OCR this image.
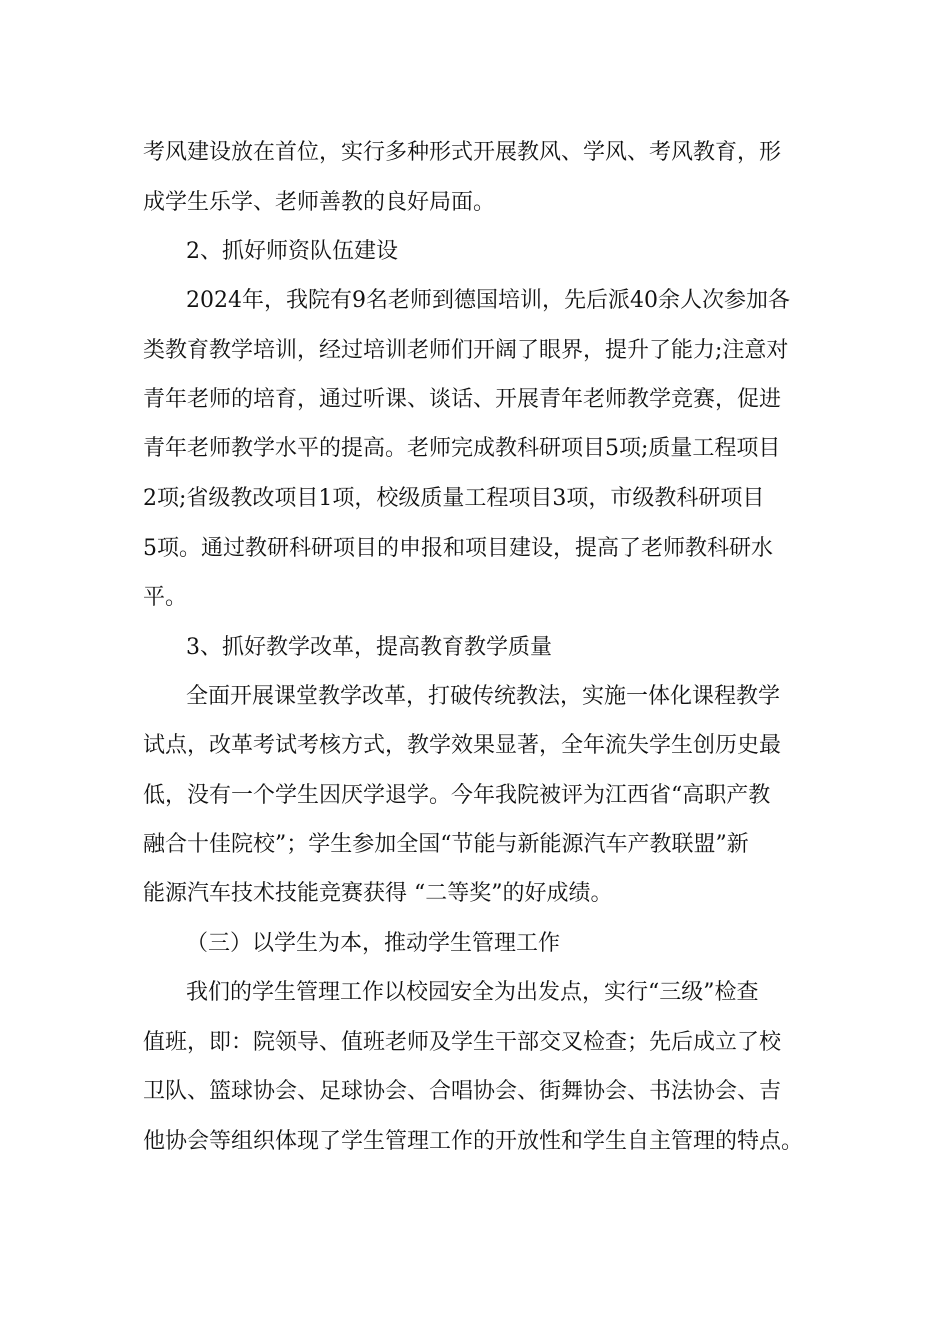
考风建设放在首位，实行多种形式开展教风、学风、考风教育，形

成学生乐学、老师善教的良好局面。

2、抓好师资队伍建设

2024年，我院有9名老师到德国培训，先后派40余人次参加各

类教育教学培训，经过培训老师们开阔了眼界，提升了能力;注意对

青年老师的培育，通过听课、谈话、开展青年老师教学竞赛，促进

青年老师教学水平的提高。老师完成教科研项目5项;质量工程项目

2项;省级教改项目1项，校级质量工程项目3项，市级教科研项目

5项。通过教研科研项目的申报和项目建设，提高了老师教科研水

平。

3、抓好教学改革，提高教育教学质量

全面开展课堂教学改革，打破传统教法，实施一体化课程教学

试点，改革考试考核方式，教学效果显著，全年流失学生创历史最

低，没有一个学生因厌学退学。今年我院被评为江西省“高职产教

融合十佳院校”；学生参加全国“节能与新能源汽车产教联盟”新

能源汽车技术技能竞赛获得 “二等奖”的好成绩。

（三）以学生为本，推动学生管理工作

我们的学生管理工作以校园安全为出发点，实行“三级”检查

值班，即：院领导、值班老师及学生干部交叉检查；先后成立了校

卫队、篮球协会、足球协会、合唱协会、街舞协会、书法协会、吉

他协会等组织体现了学生管理工作的开放性和学生自主管理的特点。
